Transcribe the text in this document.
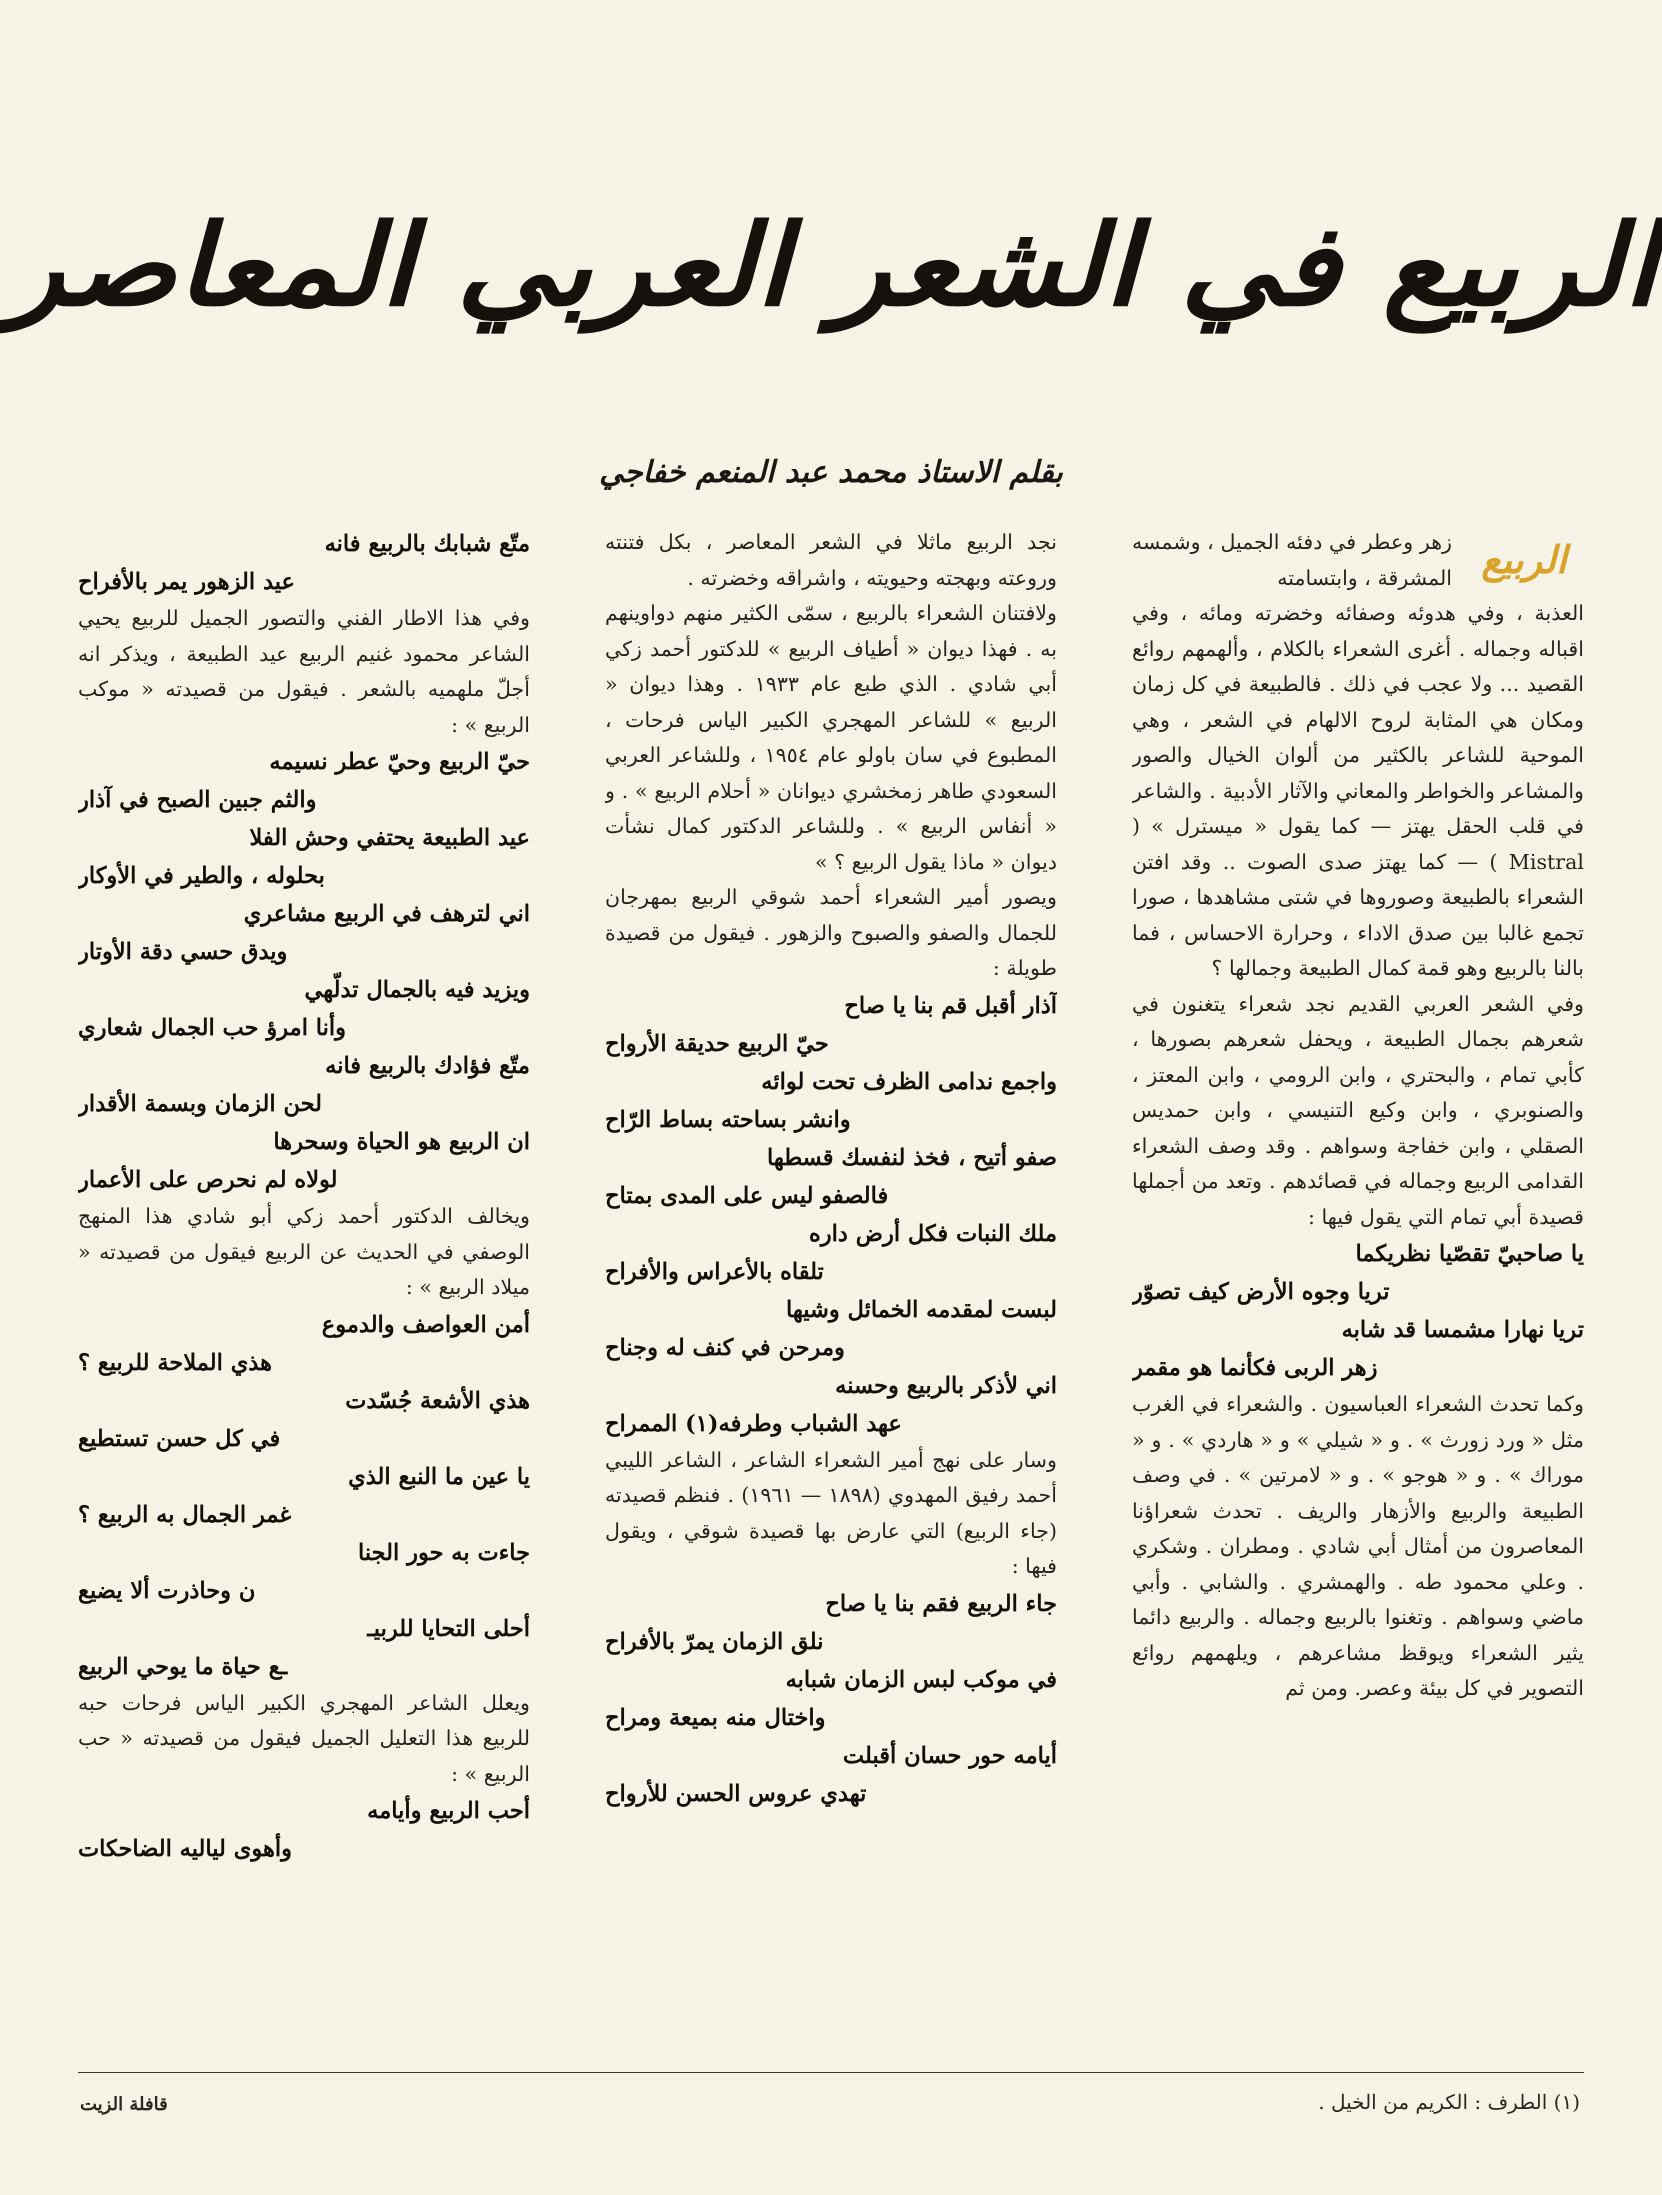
الربيع في الشعر العربي المعاصر
بقلم الاستاذ محمد عبد المنعم خفاجي
الربيع

زهر وعطر في دفئه الجميل ، وشمسه المشرقة ، وابتسامته

العذبة ، وفي هدوئه وصفائه وخضرته ومائه ، وفي اقباله وجماله . أغرى الشعراء بالكلام ، وألهمهم روائع القصيد ... ولا عجب في ذلك . فالطبيعة في كل زمان ومكان هي المثابة لروح الالهام في الشعر ، وهي الموحية للشاعر بالكثير من ألوان الخيال والصور والمشاعر والخواطر والمعاني والآثار الأدبية . والشاعر في قلب الحقل يهتز — كما يقول « ميسترل » ( Mistral ) — كما يهتز صدى الصوت .. وقد افتن الشعراء بالطبيعة وصوروها في شتى مشاهدها ، صورا تجمع غالبا بين صدق الاداء ، وحرارة الاحساس ، فما بالنا بالربيع وهو قمة كمال الطبيعة وجمالها ؟

وفي الشعر العربي القديم نجد شعراء يتغنون في شعرهم بجمال الطبيعة ، ويحفل شعرهم بصورها ، كأبي تمام ، والبحتري ، وابن الرومي ، وابن المعتز ، والصنوبري ، وابن وكيع التنيسي ، وابن حمديس الصقلي ، وابن خفاجة وسواهم . وقد وصف الشعراء القدامى الربيع وجماله في قصائدهم . وتعد من أجملها قصيدة أبي تمام التي يقول فيها :

يا صاحبيّ تقصّيا نظريكما

تريا وجوه الأرض كيف تصوّر

تريا نهارا مشمسا قد شابه

زهر الربى فكأنما هو مقمر

وكما تحدث الشعراء العباسيون . والشعراء في الغرب مثل « ورد زورث » . و « شيلي » و « هاردي » . و « موراك » . و « هوجو » . و « لامرتين » . في وصف الطبيعة والربيع والأزهار والريف . تحدث شعراؤنا المعاصرون من أمثال أبي شادي . ومطران . وشكري . وعلي محمود طه . والهمشري . والشابي . وأبي ماضي وسواهم . وتغنوا بالربيع وجماله . والربيع دائما يثير الشعراء ويوقظ مشاعرهم ، ويلهمهم روائع التصوير في كل بيئة وعصر. ومن ثم

نجد الربيع ماثلا في الشعر المعاصر ، بكل فتنته وروعته وبهجته وحيويته ، واشراقه وخضرته .

ولافتنان الشعراء بالربيع ، سمّى الكثير منهم دواوينهم به . فهذا ديوان « أطياف الربيع » للدكتور أحمد زكي أبي شادي . الذي طبع عام ١٩٣٣ . وهذا ديوان « الربيع » للشاعر المهجري الكبير الياس فرحات ، المطبوع في سان باولو عام ١٩٥٤ ، وللشاعر العربي السعودي طاهر زمخشري ديوانان « أحلام الربيع » . و « أنفاس الربيع » . وللشاعر الدكتور كمال نشأت ديوان « ماذا يقول الربيع ؟ »

ويصور أمير الشعراء أحمد شوقي الربيع بمهرجان للجمال والصفو والصبوح والزهور . فيقول من قصيدة طويلة :

آذار أقبل قم بنا يا صاح

حيّ الربيع حديقة الأرواح

واجمع ندامى الظرف تحت لوائه

وانشر بساحته بساط الرّاح

صفو أتيح ، فخذ لنفسك قسطها

فالصفو ليس على المدى بمتاح

ملك النبات فكل أرض داره

تلقاه بالأعراس والأفراح

لبست لمقدمه الخمائل وشيها

ومرحن في كنف له وجناح

اني لأذكر بالربيع وحسنه

عهد الشباب وطرفه(١) الممراح

وسار على نهج أمير الشعراء الشاعر ، الشاعر الليبي أحمد رفيق المهدوي (١٨٩٨ — ١٩٦١) . فنظم قصيدته (جاء الربيع) التي عارض بها قصيدة شوقي ، ويقول فيها :

جاء الربيع فقم بنا يا صاح

نلق الزمان يمرّ بالأفراح

في موكب لبس الزمان شبابه

واختال منه بميعة ومراح

أيامه حور حسان أقبلت

تهدي عروس الحسن للأرواح

متّع شبابك بالربيع فانه

عيد الزهور يمر بالأفراح

وفي هذا الاطار الفني والتصور الجميل للربيع يحيي الشاعر محمود غنيم الربيع عيد الطبيعة ، ويذكر انه أجلّ ملهميه بالشعر . فيقول من قصيدته « موكب الربيع » :

حيّ الربيع وحيّ عطر نسيمه

والثم جبين الصبح في آذار

عيد الطبيعة يحتفي وحش الفلا

بحلوله ، والطير في الأوكار

اني لترهف في الربيع مشاعري

ويدق حسي دقة الأوتار

ويزيد فيه بالجمال تدلّهي

وأنا امرؤ حب الجمال شعاري

متّع فؤادك بالربيع فانه

لحن الزمان وبسمة الأقدار

ان الربيع هو الحياة وسحرها

لولاه لم نحرص على الأعمار

ويخالف الدكتور أحمد زكي أبو شادي هذا المنهج الوصفي في الحديث عن الربيع فيقول من قصيدته « ميلاد الربيع » :

أمن العواصف والدموع

هذي الملاحة للربيع ؟

هذي الأشعة جُسّدت

في كل حسن تستطيع

يا عين ما النبع الذي

غمر الجمال به الربيع ؟

جاءت به حور الجنا

ن وحاذرت ألا يضيع

أحلى التحايا للربيـ

ـع حياة ما يوحي الربيع

ويعلل الشاعر المهجري الكبير الياس فرحات حبه للربيع هذا التعليل الجميل فيقول من قصيدته « حب الربيع » :

أحب الربيع وأيامه

وأهوى لياليه الضاحكات

(١) الطرف : الكريم من الخيل .
قافلة الزيت
